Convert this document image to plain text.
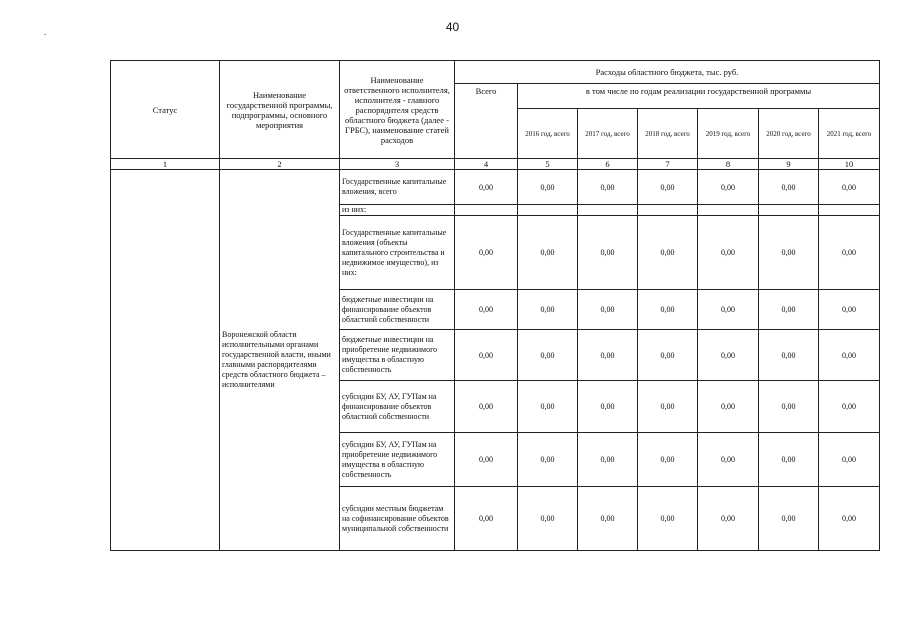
40
Статус	Наименование государственной программы, подпрограммы, основного мероприятия	Наименование ответственного исполнителя, исполнителя - главного распорядителя средств областного бюджета (далее - ГРБС), наименование статей расходов	Расходы областного бюджета, тыс. руб.						
			Всего	в том числе по годам реализации государственной программы					
				2016 год, всего	2017 год, всего	2018 год, всего	2019 год, всего	2020 год, всего	2021 год, всего
1	2	3	4	5	6	7	8	9	10
	Воронежской области исполнительными органами государственной власти, иными главными распорядителями средств областного бюджета – исполнителями	Государственные капитальные вложения, всего	0,00	0,00	0,00	0,00	0,00	0,00	0,00
		из них:							
		Государственные капитальные вложения (объекты капитального строительства и недвижимое имущество), из них:	0,00	0,00	0,00	0,00	0,00	0,00	0,00
		бюджетные инвестиции на финансирование объектов областной собственности	0,00	0,00	0,00	0,00	0,00	0,00	0,00
		бюджетные инвестиции на приобретение недвижимого имущества в областную собственность	0,00	0,00	0,00	0,00	0,00	0,00	0,00
		субсидии БУ, АУ, ГУПам на финансирование объектов областной собственности	0,00	0,00	0,00	0,00	0,00	0,00	0,00
		субсидии БУ, АУ, ГУПам на приобретение недвижимого имущества в областную собственность	0,00	0,00	0,00	0,00	0,00	0,00	0,00
		субсидии местным бюджетам на софинансирование объектов муниципальной собственности	0,00	0,00	0,00	0,00	0,00	0,00	0,00
